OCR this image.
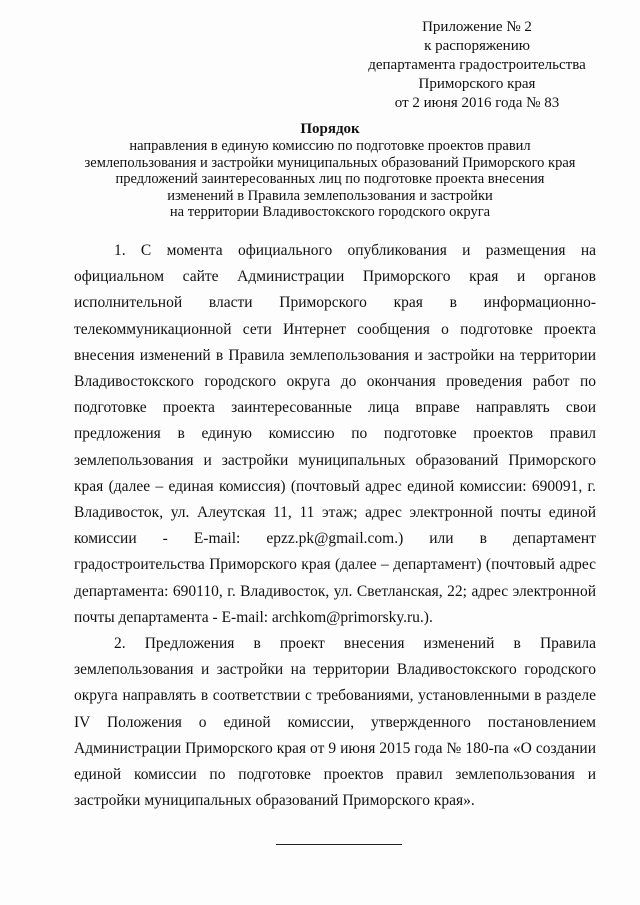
Приложение № 2
к распоряжению
департамента градостроительства
Приморского края
от 2 июня 2016 года № 83
Порядок
направления в единую комиссию по подготовке проектов правил
землепользования и застройки муниципальных образований Приморского края
предложений заинтересованных лиц по подготовке проекта внесения
изменений в Правила землепользования и застройки
на территории Владивостокского городского округа

1. С момента официального опубликования и размещения на официальном сайте Администрации Приморского края и органов исполнительной власти Приморского края в информационно-телекоммуникационной сети Интернет сообщения о подготовке проекта внесения изменений в Правила землепользования и застройки на территории Владивостокского городского округа до окончания проведения работ по подготовке проекта заинтересованные лица вправе направлять свои предложения в единую комиссию по подготовке проектов правил землепользования и застройки муниципальных образований Приморского края (далее – единая комиссия) (почтовый адрес единой комиссии: 690091, г. Владивосток, ул. Алеутская 11, 11 этаж; адрес электронной почты единой комиссии - E-mail: epzz.pk@gmail.com.) или в департамент градостроительства Приморского края (далее – департамент) (почтовый адрес департамента: 690110, г. Владивосток, ул. Светланская, 22; адрес электронной почты департамента - E-mail: archkom@primorsky.ru.).

2. Предложения в проект внесения изменений в Правила землепользования и застройки на территории Владивостокского городского округа направлять в соответствии с требованиями, установленными в разделе IV Положения о единой комиссии, утвержденного постановлением Администрации Приморского края от 9 июня 2015 года № 180-па «О создании единой комиссии по подготовке проектов правил землепользования и застройки муниципальных образований Приморского края».
